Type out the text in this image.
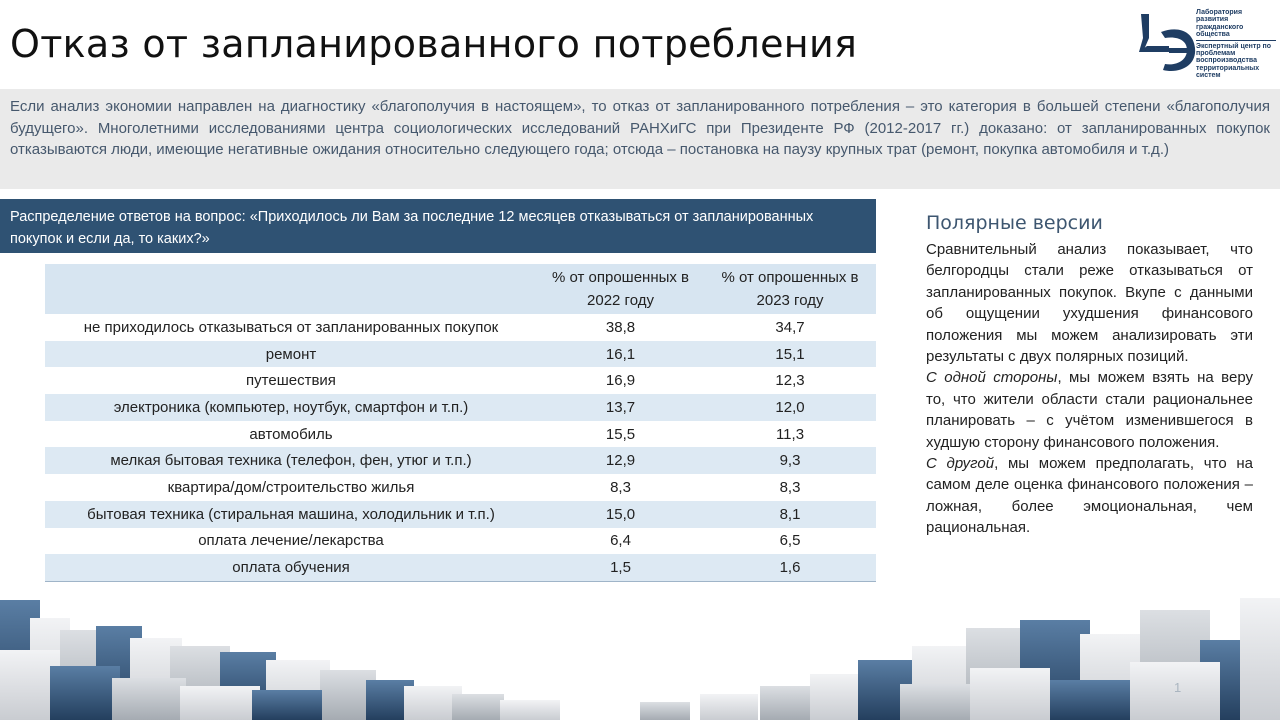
Отказ от запланированного потребления
Лаборатория развития гражданского общества
Экспертный центр по проблемам воспроизводства территориальных систем
Если анализ экономии направлен на диагностику «благополучия в настоящем», то отказ от запланированного потребления – это категория в большей степени «благополучия будущего». Многолетними исследованиями центра социологических исследований РАНХиГС при Президенте РФ (2012-2017 гг.) доказано: от запланированных покупок отказываются люди, имеющие негативные ожидания относительно следующего года; отсюда – постановка на паузу крупных трат (ремонт, покупка автомобиля и т.д.)
Распределение ответов на вопрос: «Приходилось ли Вам за последние 12 месяцев отказываться от запланированных покупок и если да, то каких?»
	% от опрошенных в 2022 году	% от опрошенных в 2023 году
не приходилось отказываться от запланированных покупок	38,8	34,7
ремонт	16,1	15,1
путешествия	16,9	12,3
электроника (компьютер, ноутбук, смартфон и т.п.)	13,7	12,0
автомобиль	15,5	11,3
мелкая бытовая техника (телефон, фен, утюг и т.п.)	12,9	9,3
квартира/дом/строительство жилья	8,3	8,3
бытовая техника (стиральная машина, холодильник и т.п.)	15,0	8,1
оплата лечение/лекарства	6,4	6,5
оплата обучения	1,5	1,6
Полярные версии

Сравнительный анализ показывает, что белгородцы стали реже отказываться от запланированных покупок. Вкупе с данными об ощущении ухудшения финансового положения мы можем анализировать эти результаты с двух полярных позиций.

С одной стороны, мы можем взять на веру то, что жители области стали рациональнее планировать – с учётом изменившегося в худшую сторону финансового положения.

С другой, мы можем предполагать, что на самом деле оценка финансового положения – ложная, более эмоциональная, чем рациональная.

1
